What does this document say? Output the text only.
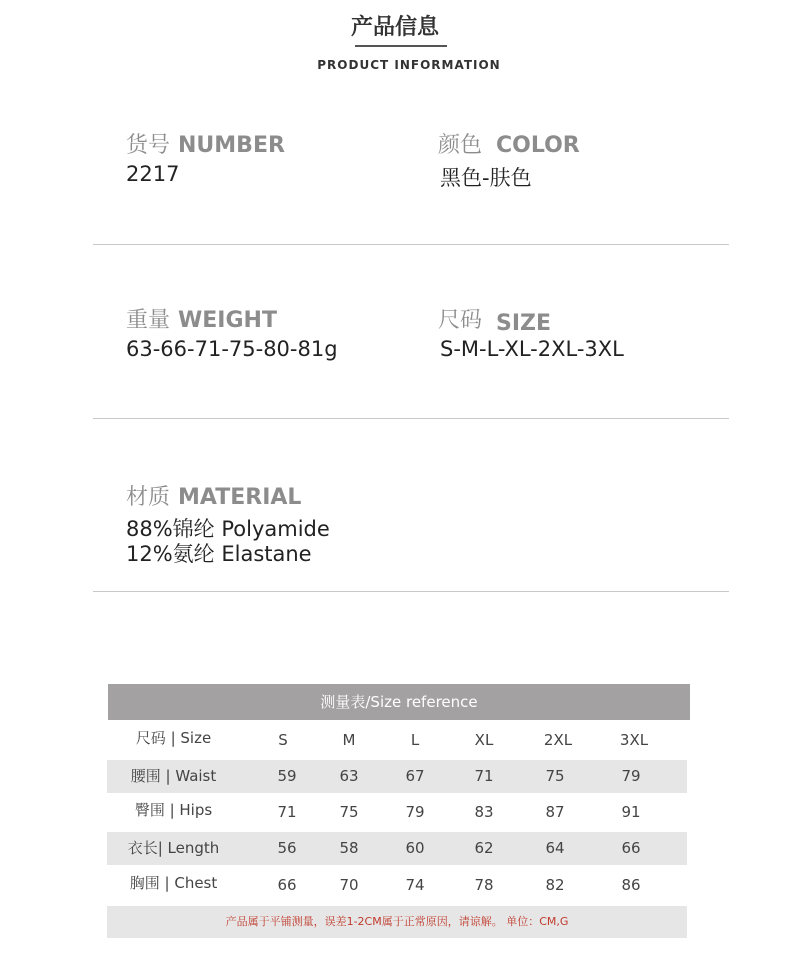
产品信息
PRODUCT INFORMATION
货号 NUMBER
2217
颜色 COLOR
黑色-肤色
重量 WEIGHT
63-66-71-75-80-81g
尺码 SIZE
S-M-L-XL-2XL-3XL
材质 MATERIAL
88%锦纶 Polyamide
12%氨纶 Elastane
测量表/Size reference
尺码 | Size	S	M	L	XL	2XL	3XL
腰围 | Waist	59	63	67	71	75	79
臀围 | Hips	71	75	79	83	87	91
衣长| Length	56	58	60	62	64	66
胸围 | Chest	66	70	74	78	82	86
产品属于平铺测量，误差1-2CM属于正常原因，请谅解。 单位：CM,G
